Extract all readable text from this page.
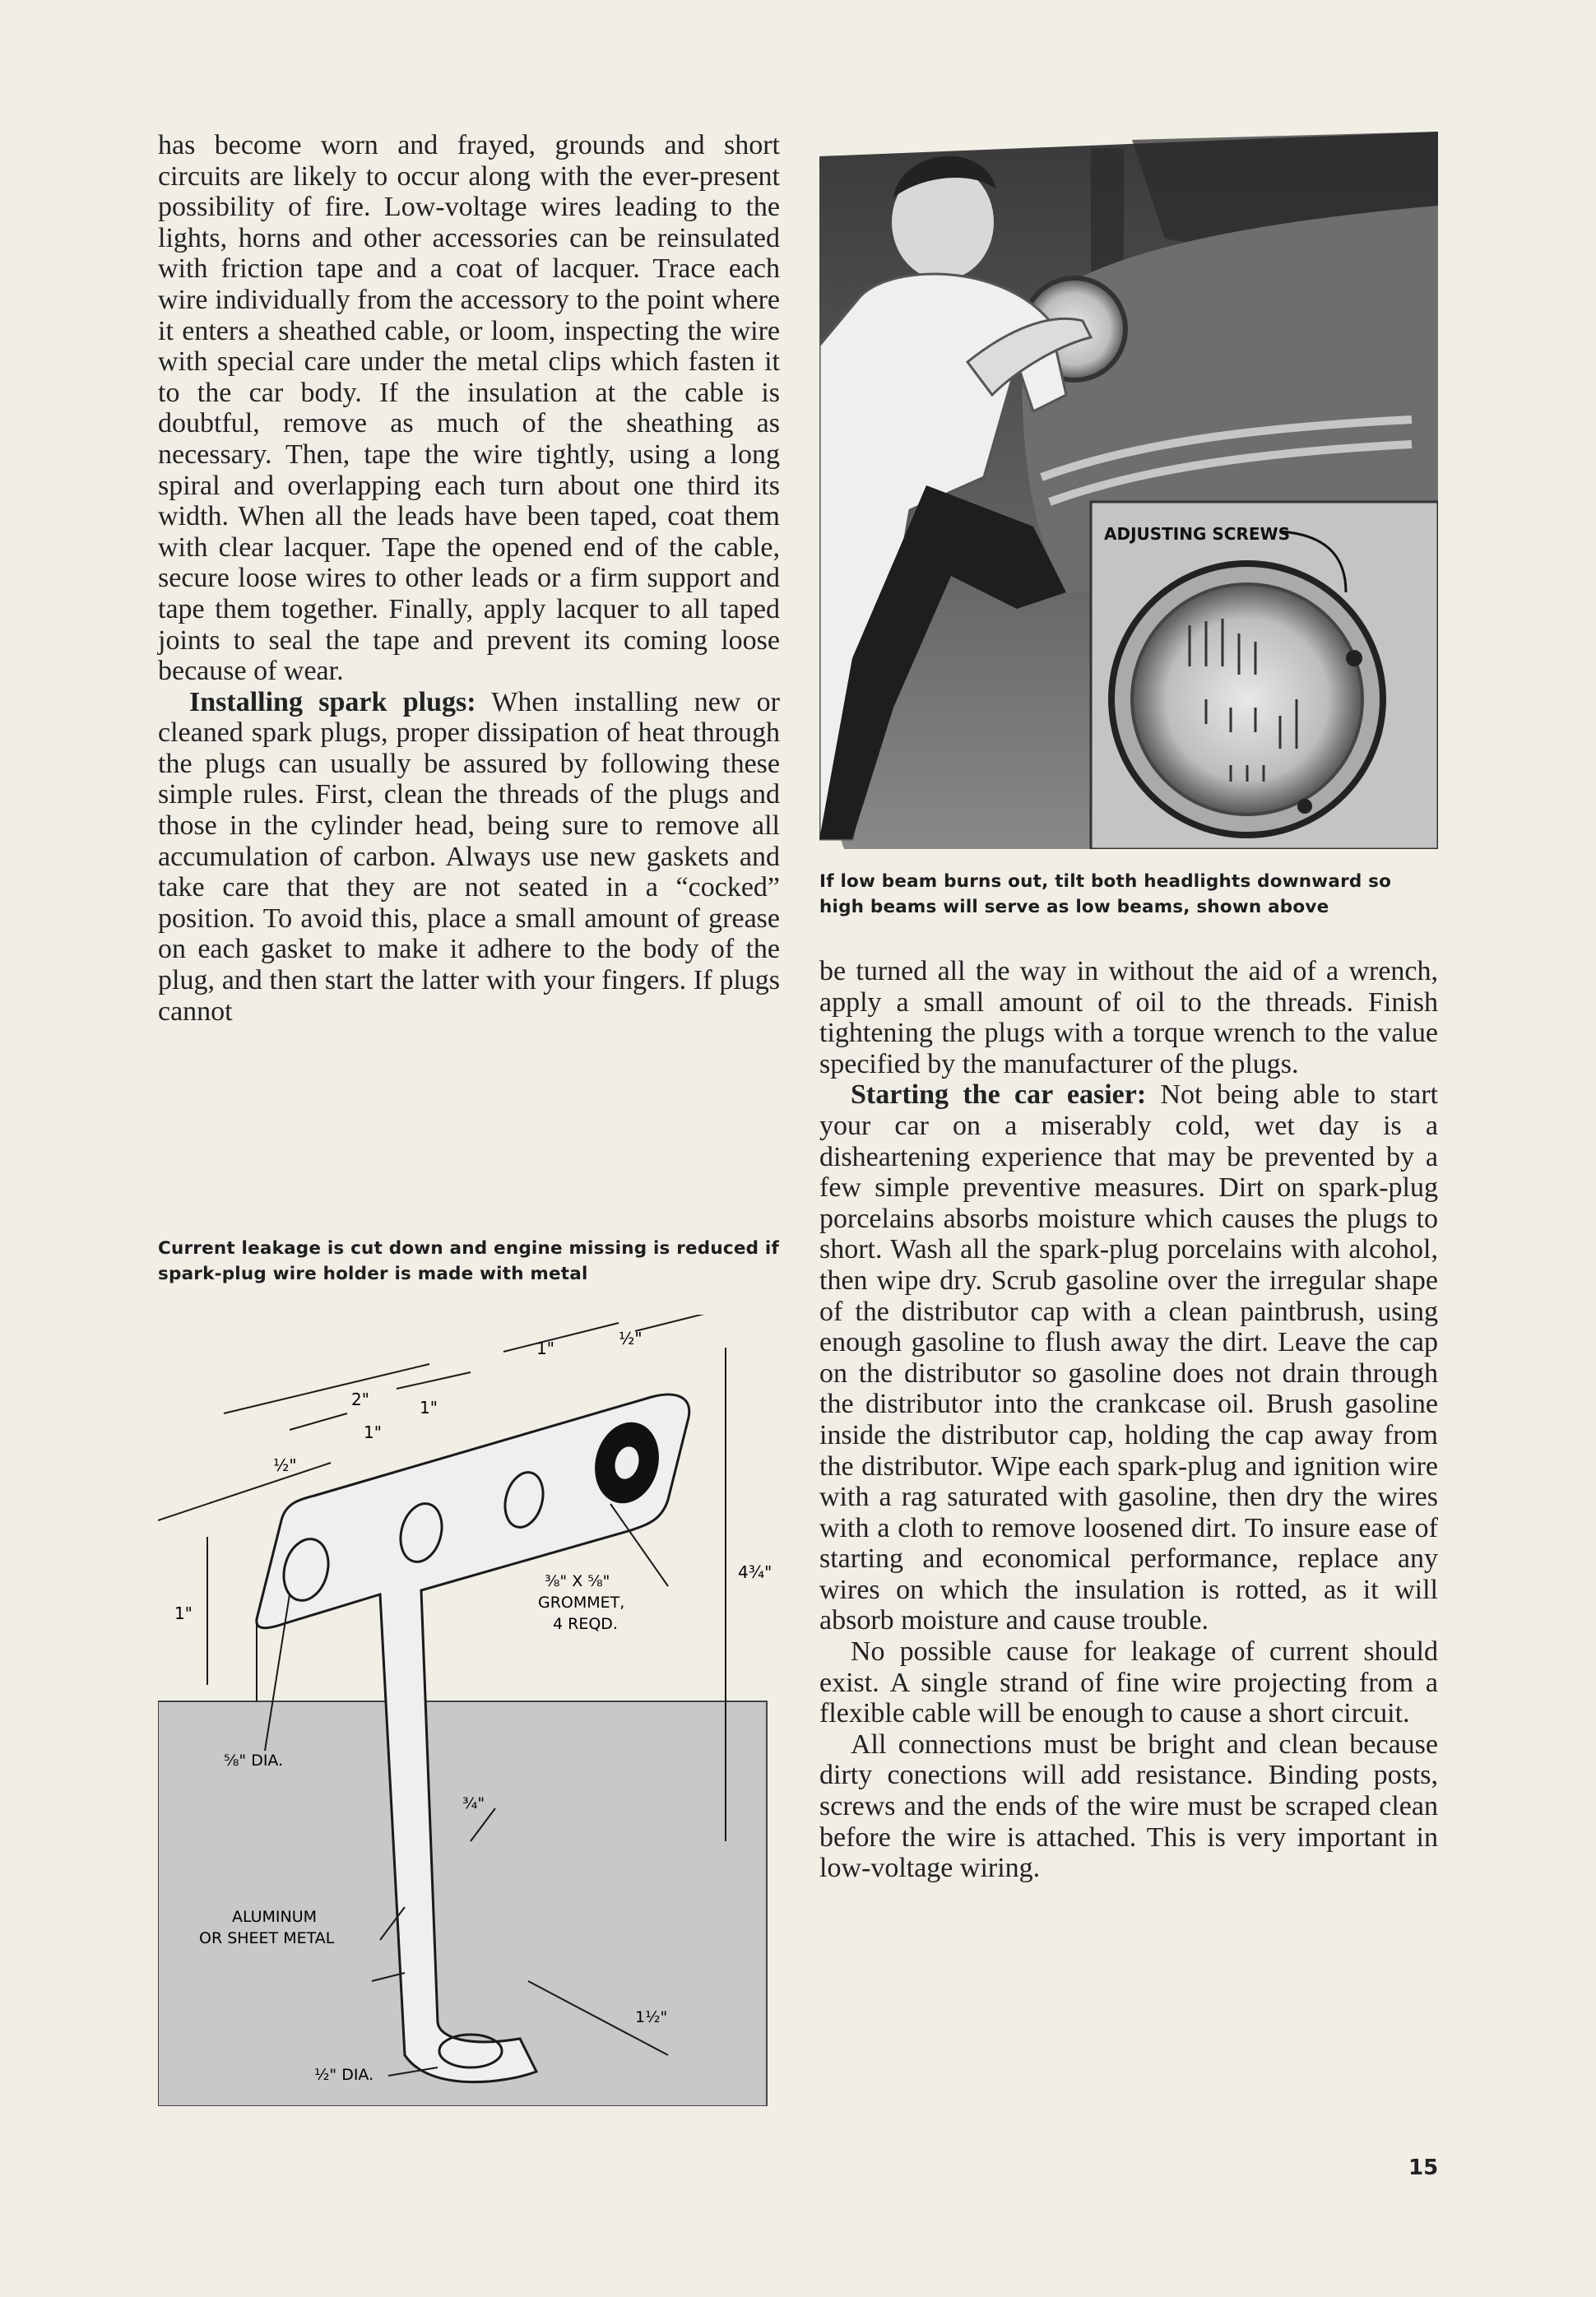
has become worn and frayed, grounds and short circuits are likely to occur along with the ever-present possibility of fire. Low-voltage wires leading to the lights, horns and other accessories can be reinsulated with friction tape and a coat of lacquer. Trace each wire individually from the accessory to the point where it enters a sheathed cable, or loom, inspecting the wire with special care under the metal clips which fasten it to the car body. If the insulation at the cable is doubtful, remove as much of the sheathing as necessary. Then, tape the wire tightly, using a long spiral and overlapping each turn about one third its width. When all the leads have been taped, coat them with clear lacquer. Tape the opened end of the cable, secure loose wires to other leads or a firm support and tape them together. Finally, apply lacquer to all taped joints to seal the tape and prevent its coming loose because of wear.

Installing spark plugs: When installing new or cleaned spark plugs, proper dissipation of heat through the plugs can usually be assured by following these simple rules. First, clean the threads of the plugs and those in the cylinder head, being sure to remove all accumulation of carbon. Always use new gaskets and take care that they are not seated in a “cocked” position. To avoid this, place a small amount of grease on each gasket to make it adhere to the body of the plug, and then start the latter with your fingers. If plugs cannot

ADJUSTING SCREWS
If low beam burns out, tilt both headlights downward so high beams will serve as low beams, shown above

be turned all the way in without the aid of a wrench, apply a small amount of oil to the threads. Finish tightening the plugs with a torque wrench to the value specified by the manufacturer of the plugs.

Starting the car easier: Not being able to start your car on a miserably cold, wet day is a disheartening experience that may be prevented by a few simple preventive measures. Dirt on spark-plug porcelains absorbs moisture which causes the plugs to short. Wash all the spark-plug porcelains with alcohol, then wipe dry. Scrub gasoline over the irregular shape of the distributor cap with a clean paintbrush, using enough gasoline to flush away the dirt. Leave the cap on the distributor so gasoline does not drain through the distributor into the crankcase oil. Brush gasoline inside the distributor cap, holding the cap away from the distributor. Wipe each spark-plug and ignition wire with a rag saturated with gasoline, then dry the wires with a cloth to remove loosened dirt. To insure ease of starting and economical performance, replace any wires on which the insulation is rotted, as it will absorb moisture and cause trouble.

No possible cause for leakage of current should exist. A single strand of fine wire projecting from a flexible cable will be enough to cause a short circuit.

All connections must be bright and clean because dirty conections will add resistance. Binding posts, screws and the ends of the wire must be scraped clean before the wire is attached. This is very important in low-voltage wiring.

Current leakage is cut down and engine missing is reduced if spark-plug wire holder is made with metal
2"
1"
1"
1"	½"
½"
1"
4¾"
⅜" X ⅝"
GROMMET,
4 REQD.
⅝" DIA.
¾"
ALUMINUM
OR SHEET METAL
1½"
½" DIA.
15
